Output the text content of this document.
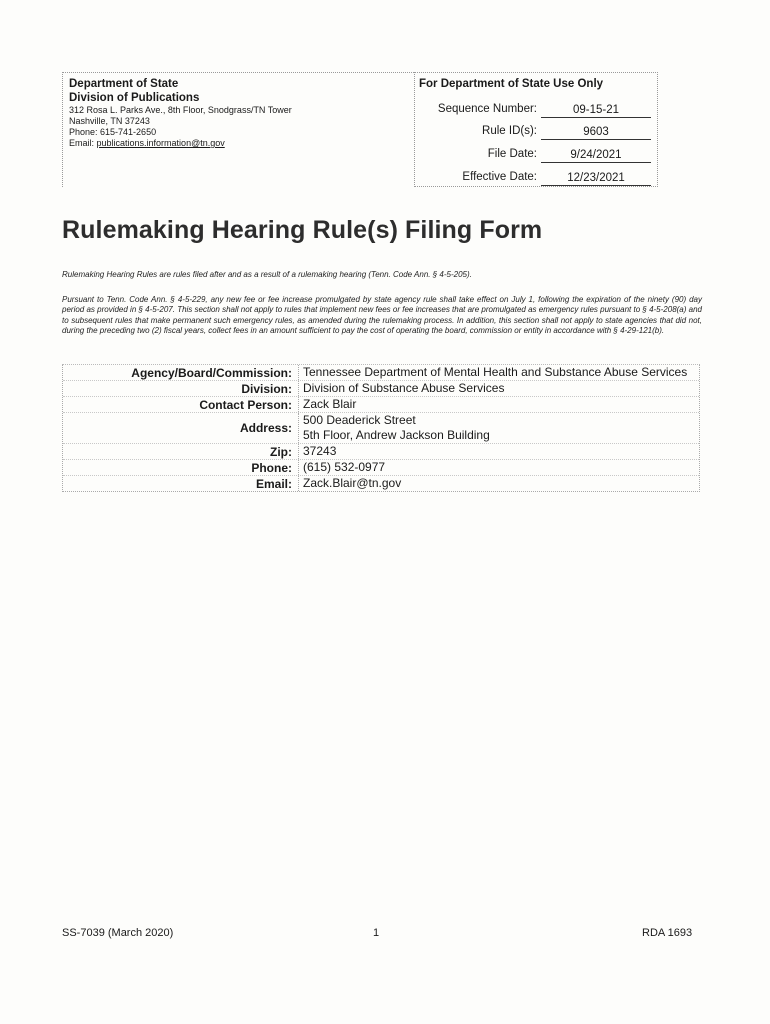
Department of State
Division of Publications
312 Rosa L. Parks Ave., 8th Floor, Snodgrass/TN Tower
Nashville, TN 37243
Phone: 615-741-2650
Email: publications.information@tn.gov
For Department of State Use Only
Sequence Number:	09-15-21
Rule ID(s):	9603
File Date:	9/24/2021
Effective Date:	12/23/2021
Rulemaking Hearing Rule(s) Filing Form
Rulemaking Hearing Rules are rules filed after and as a result of a rulemaking hearing (Tenn. Code Ann. § 4-5-205).
Pursuant to Tenn. Code Ann. § 4-5-229, any new fee or fee increase promulgated by state agency rule shall take effect on July 1, following the expiration of the ninety (90) day period as provided in § 4-5-207. This section shall not apply to rules that implement new fees or fee increases that are promulgated as emergency rules pursuant to § 4-5-208(a) and to subsequent rules that make permanent such emergency rules, as amended during the rulemaking process. In addition, this section shall not apply to state agencies that did not, during the preceding two (2) fiscal years, collect fees in an amount sufficient to pay the cost of operating the board, commission or entity in accordance with § 4-29-121(b).
Agency/Board/Commission: Tennessee Department of Mental Health and Substance Abuse Services
Division: Division of Substance Abuse Services
Contact Person: Zack Blair
Address:
500 Deaderick Street
5th Floor, Andrew Jackson Building
Zip: 37243
Phone: (615) 532-0977
Email: Zack.Blair@tn.gov
SS-7039 (March 2020)	1	RDA 1693
